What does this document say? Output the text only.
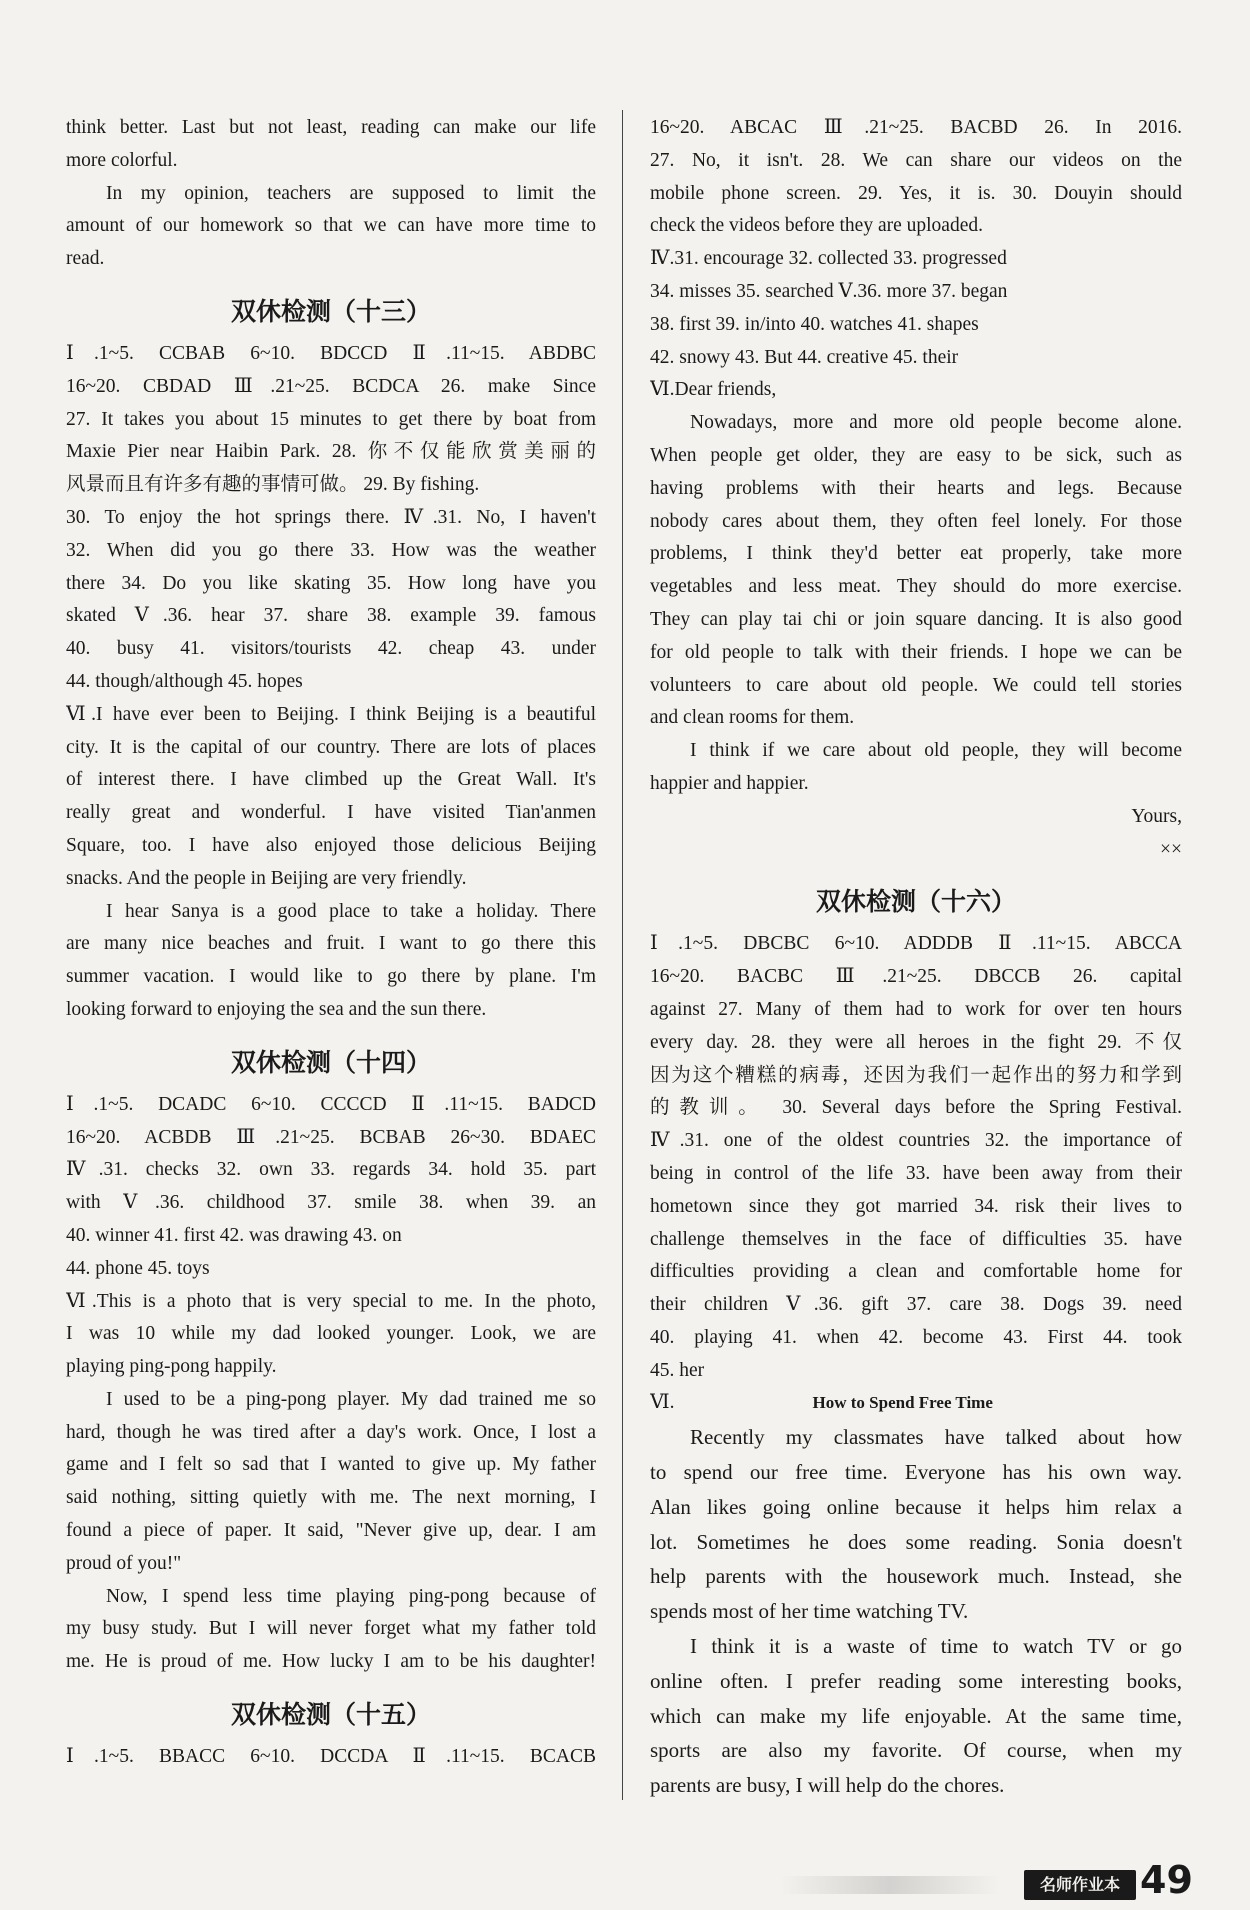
think better. Last but not least, reading can make our life
more colorful.
In my opinion, teachers are supposed to limit the
amount of our homework so that we can have more time to
read.
双休检测（十三）
Ⅰ.1~5. CCBAB 6~10. BDCCD Ⅱ.11~15. ABDBC
16~20. CBDAD Ⅲ.21~25. BCDCA 26. make Since
27. It takes you about 15 minutes to get there by boat from
Maxie Pier near Haibin Park. 28. 你不仅能欣赏美丽的
风景而且有许多有趣的事情可做。 29. By fishing.
30. To enjoy the hot springs there. Ⅳ.31. No, I haven't
32. When did you go there 33. How was the weather
there 34. Do you like skating 35. How long have you
skated Ⅴ.36. hear 37. share 38. example 39. famous
40. busy 41. visitors/tourists 42. cheap 43. under
44. though/although 45. hopes
Ⅵ.I have ever been to Beijing. I think Beijing is a beautiful
city. It is the capital of our country. There are lots of places
of interest there. I have climbed up the Great Wall. It's
really great and wonderful. I have visited Tian'anmen
Square, too. I have also enjoyed those delicious Beijing
snacks. And the people in Beijing are very friendly.
I hear Sanya is a good place to take a holiday. There
are many nice beaches and fruit. I want to go there this
summer vacation. I would like to go there by plane. I'm
looking forward to enjoying the sea and the sun there.
双休检测（十四）
Ⅰ.1~5. DCADC 6~10. CCCCD Ⅱ.11~15. BADCD
16~20. ACBDB Ⅲ.21~25. BCBAB 26~30. BDAEC
Ⅳ.31. checks 32. own 33. regards 34. hold 35. part
with Ⅴ.36. childhood 37. smile 38. when 39. an
40. winner 41. first 42. was drawing 43. on
44. phone 45. toys
Ⅵ.This is a photo that is very special to me. In the photo,
I was 10 while my dad looked younger. Look, we are
playing ping-pong happily.
I used to be a ping-pong player. My dad trained me so
hard, though he was tired after a day's work. Once, I lost a
game and I felt so sad that I wanted to give up. My father
said nothing, sitting quietly with me. The next morning, I
found a piece of paper. It said, "Never give up, dear. I am
proud of you!"
Now, I spend less time playing ping-pong because of
my busy study. But I will never forget what my father told
me. He is proud of me. How lucky I am to be his daughter!
双休检测（十五）
Ⅰ.1~5. BBACC 6~10. DCCDA Ⅱ.11~15. BCACB
16~20. ABCAC Ⅲ.21~25. BACBD 26. In 2016.
27. No, it isn't. 28. We can share our videos on the
mobile phone screen. 29. Yes, it is. 30. Douyin should
check the videos before they are uploaded.
Ⅳ.31. encourage 32. collected 33. progressed
34. misses 35. searched Ⅴ.36. more 37. began
38. first 39. in/into 40. watches 41. shapes
42. snowy 43. But 44. creative 45. their
Ⅵ.Dear friends,
Nowadays, more and more old people become alone.
When people get older, they are easy to be sick, such as
having problems with their hearts and legs. Because
nobody cares about them, they often feel lonely. For those
problems, I think they'd better eat properly, take more
vegetables and less meat. They should do more exercise.
They can play tai chi or join square dancing. It is also good
for old people to talk with their friends. I hope we can be
volunteers to care about old people. We could tell stories
and clean rooms for them.
I think if we care about old people, they will become
happier and happier.
Yours,
××
双休检测（十六）
Ⅰ.1~5. DBCBC 6~10. ADDDB Ⅱ.11~15. ABCCA
16~20. BACBC Ⅲ.21~25. DBCCB 26. capital
against 27. Many of them had to work for over ten hours
every day. 28. they were all heroes in the fight 29. 不仅
因为这个糟糕的病毒，还因为我们一起作出的努力和学到
的教训。 30. Several days before the Spring Festival.
Ⅳ.31. one of the oldest countries 32. the importance of
being in control of the life 33. have been away from their
hometown since they got married 34. risk their lives to
challenge themselves in the face of difficulties 35. have
difficulties providing a clean and comfortable home for
their children Ⅴ.36. gift 37. care 38. Dogs 39. need
40. playing 41. when 42. become 43. First 44. took
45. her
Ⅵ.	How to Spend Free Time
Recently my classmates have talked about how
to spend our free time. Everyone has his own way.
Alan likes going online because it helps him relax a
lot. Sometimes he does some reading. Sonia doesn't
help parents with the housework much. Instead, she
spends most of her time watching TV.
I think it is a waste of time to watch TV or go
online often. I prefer reading some interesting books,
which can make my life enjoyable. At the same time,
sports are also my favorite. Of course, when my
parents are busy, I will help do the chores.
名师作业本 49
